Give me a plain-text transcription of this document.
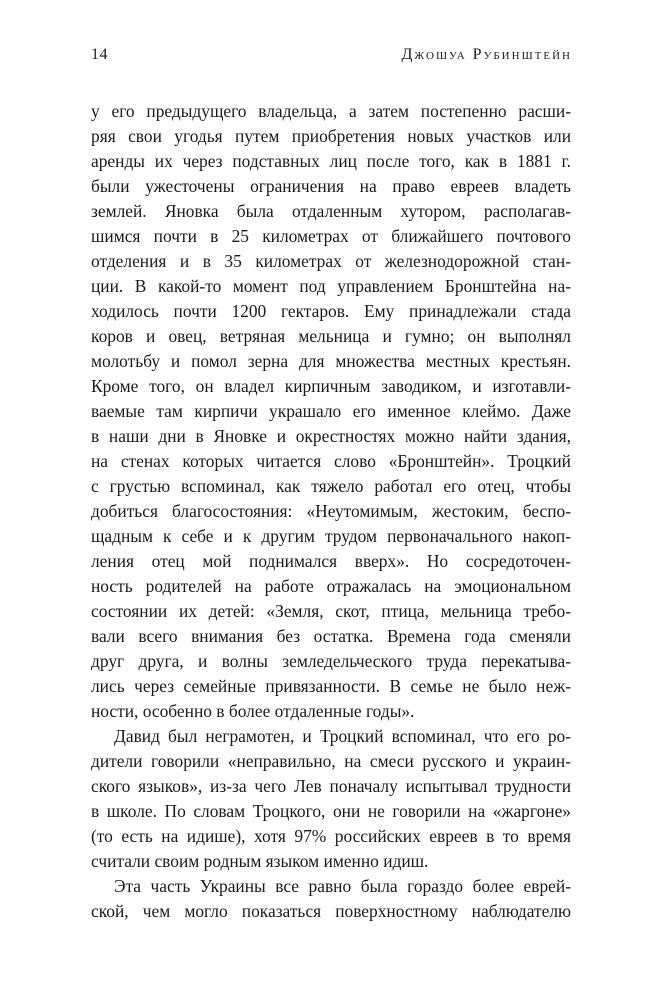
14	Джошуа Рубинштейн
у его предыдущего владельца, а затем постепенно расши-
ряя свои угодья путем приобретения новых участков или
аренды их через подставных лиц после того, как в 1881 г.
были ужесточены ограничения на право евреев владеть
землей. Яновка была отдаленным хутором, располагав-
шимся почти в 25 километрах от ближайшего почтового
отделения и в 35 километрах от железнодорожной стан-
ции. В какой-то момент под управлением Бронштейна на-
ходилось почти 1200 гектаров. Ему принадлежали стада
коров и овец, ветряная мельница и гумно; он выполнял
молотьбу и помол зерна для множества местных крестьян.
Кроме того, он владел кирпичным заводиком, и изготавли-
ваемые там кирпичи украшало его именное клеймо. Даже
в наши дни в Яновке и окрестностях можно найти здания,
на стенах которых читается слово «Бронштейн». Троцкий
с грустью вспоминал, как тяжело работал его отец, чтобы
добиться благосостояния: «Неутомимым, жестоким, беспо-
щадным к себе и к другим трудом первоначального накоп-
ления отец мой поднимался вверх». Но сосредоточен-
ность родителей на работе отражалась на эмоциональном
состоянии их детей: «Земля, скот, птица, мельница требо-
вали всего внимания без остатка. Времена года сменяли
друг друга, и волны земледельческого труда перекатыва-
лись через семейные привязанности. В семье не было неж-
ности, особенно в более отдаленные годы».
Давид был неграмотен, и Троцкий вспоминал, что его ро-
дители говорили «неправильно, на смеси русского и украин-
ского языков», из-за чего Лев поначалу испытывал трудности
в школе. По словам Троцкого, они не говорили на «жаргоне»
(то есть на идише), хотя 97% российских евреев в то время
считали своим родным языком именно идиш.
Эта часть Украины все равно была гораздо более еврей-
ской, чем могло показаться поверхностному наблюдателю
